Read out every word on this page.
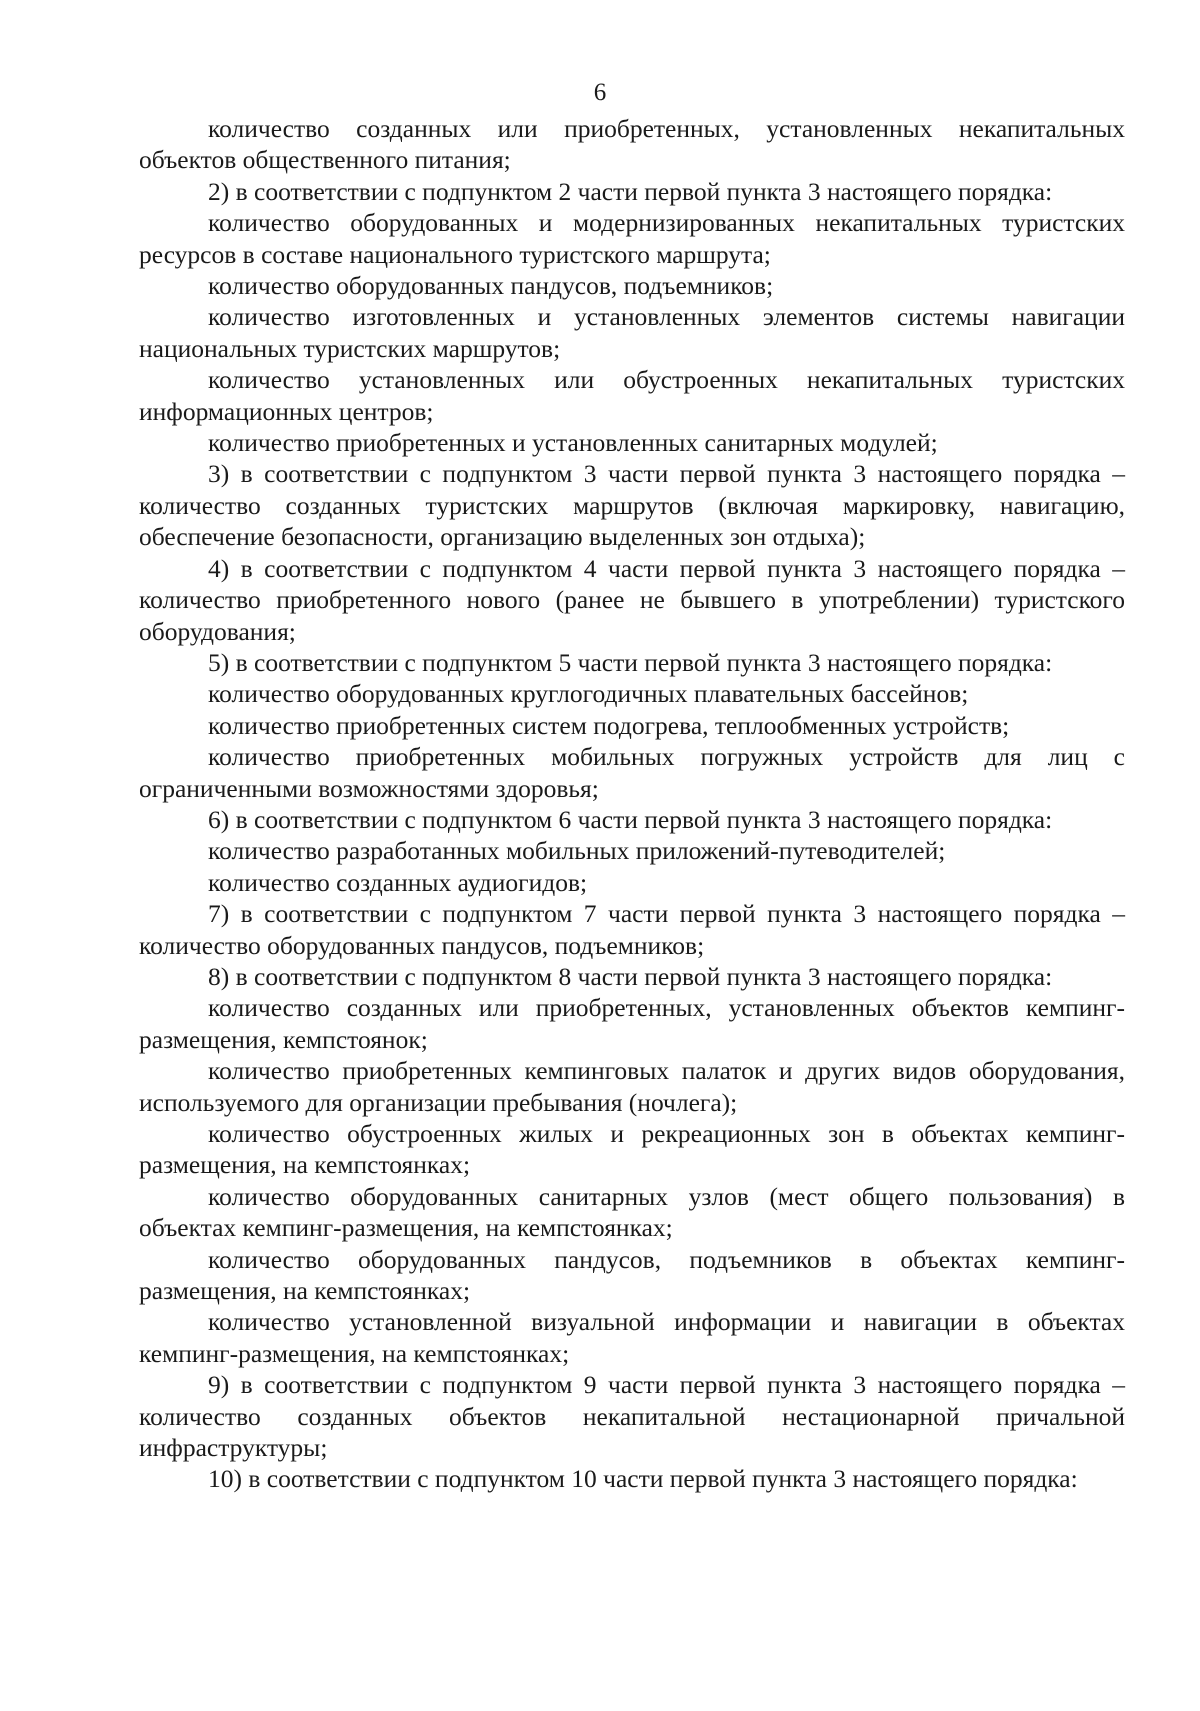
6

количество созданных или приобретенных, установленных некапитальных объектов общественного питания;

2) в соответствии с подпунктом 2 части первой пункта 3 настоящего порядка:

количество оборудованных и модернизированных некапитальных туристских ресурсов в составе национального туристского маршрута;

количество оборудованных пандусов, подъемников;

количество изготовленных и установленных элементов системы навигации национальных туристских маршрутов;

количество установленных или обустроенных некапитальных туристских информационных центров;

количество приобретенных и установленных санитарных модулей;

3) в соответствии с подпунктом 3 части первой пункта 3 настоящего порядка – количество созданных туристских маршрутов (включая маркировку, навигацию, обеспечение безопасности, организацию выделенных зон отдыха);

4) в соответствии с подпунктом 4 части первой пункта 3 настоящего порядка – количество приобретенного нового (ранее не бывшего в употреблении) туристского оборудования;

5) в соответствии с подпунктом 5 части первой пункта 3 настоящего порядка:

количество оборудованных круглогодичных плавательных бассейнов;

количество приобретенных систем подогрева, теплообменных устройств;

количество приобретенных мобильных погружных устройств для лиц с ограниченными возможностями здоровья;

6) в соответствии с подпунктом 6 части первой пункта 3 настоящего порядка:

количество разработанных мобильных приложений-путеводителей;

количество созданных аудиогидов;

7) в соответствии с подпунктом 7 части первой пункта 3 настоящего порядка – количество оборудованных пандусов, подъемников;

8) в соответствии с подпунктом 8 части первой пункта 3 настоящего порядка:

количество созданных или приобретенных, установленных объектов кемпинг-размещения, кемпстоянок;

количество приобретенных кемпинговых палаток и других видов оборудования, используемого для организации пребывания (ночлега);

количество обустроенных жилых и рекреационных зон в объектах кемпинг-размещения, на кемпстоянках;

количество оборудованных санитарных узлов (мест общего пользования) в объектах кемпинг-размещения, на кемпстоянках;

количество оборудованных пандусов, подъемников в объектах кемпинг-размещения, на кемпстоянках;

количество установленной визуальной информации и навигации в объектах кемпинг-размещения, на кемпстоянках;

9) в соответствии с подпунктом 9 части первой пункта 3 настоящего порядка – количество созданных объектов некапитальной нестационарной причальной инфраструктуры;

10) в соответствии с подпунктом 10 части первой пункта 3 настоящего порядка:
